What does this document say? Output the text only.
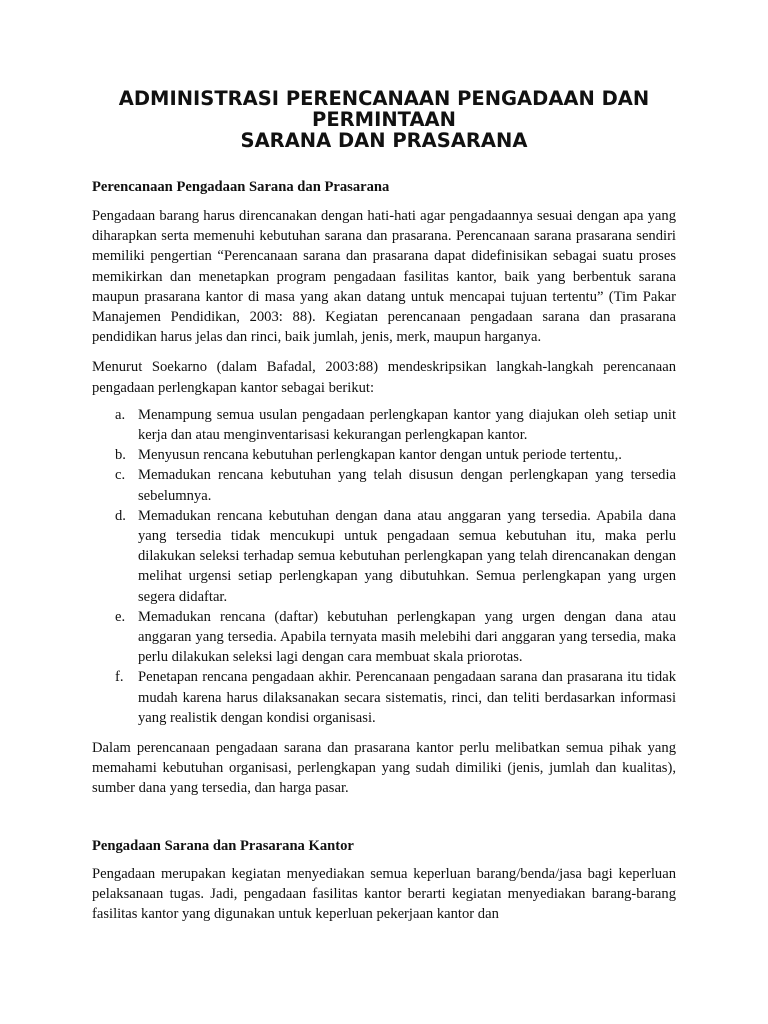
ADMINISTRASI PERENCANAAN PENGADAAN DAN
PERMINTAAN
SARANA DAN PRASARANA
Perencanaan Pengadaan Sarana dan Prasarana

Pengadaan barang harus direncanakan dengan hati-hati agar pengadaannya sesuai dengan apa yang diharapkan serta memenuhi kebutuhan sarana dan prasarana. Perencanaan sarana prasarana sendiri memiliki pengertian “Perencanaan sarana dan prasarana dapat didefinisikan sebagai suatu proses memikirkan dan menetapkan program pengadaan fasilitas kantor, baik yang berbentuk sarana maupun prasarana kantor di masa yang akan datang untuk mencapai tujuan tertentu” (Tim Pakar Manajemen Pendidikan, 2003: 88). Kegiatan perencanaan pengadaan sarana dan prasarana pendidikan harus jelas dan rinci, baik jumlah, jenis, merk, maupun harganya.

Menurut Soekarno (dalam Bafadal, 2003:88) mendeskripsikan langkah-langkah perencanaan pengadaan perlengkapan kantor sebagai berikut:

a. Menampung semua usulan pengadaan perlengkapan kantor yang diajukan oleh setiap unit kerja dan atau menginventarisasi kekurangan perlengkapan kantor.
b. Menyusun rencana kebutuhan perlengkapan kantor dengan untuk periode tertentu,.
c. Memadukan rencana kebutuhan yang telah disusun dengan perlengkapan yang tersedia sebelumnya.
d. Memadukan rencana kebutuhan dengan dana atau anggaran yang tersedia. Apabila dana yang tersedia tidak mencukupi untuk pengadaan semua kebutuhan itu, maka perlu dilakukan seleksi terhadap semua kebutuhan perlengkapan yang telah direncanakan dengan melihat urgensi setiap perlengkapan yang dibutuhkan. Semua perlengkapan yang urgen segera didaftar.
e. Memadukan rencana (daftar) kebutuhan perlengkapan yang urgen dengan dana atau anggaran yang tersedia. Apabila ternyata masih melebihi dari anggaran yang tersedia, maka perlu dilakukan seleksi lagi dengan cara membuat skala priorotas.
f. Penetapan rencana pengadaan akhir. Perencanaan pengadaan sarana dan prasarana itu tidak mudah karena harus dilaksanakan secara sistematis, rinci, dan teliti berdasarkan informasi yang realistik dengan kondisi organisasi.

Dalam perencanaan pengadaan sarana dan prasarana kantor perlu melibatkan semua pihak yang memahami kebutuhan organisasi, perlengkapan yang sudah dimiliki (jenis, jumlah dan kualitas), sumber dana yang tersedia, dan harga pasar.

Pengadaan Sarana dan Prasarana Kantor

Pengadaan merupakan kegiatan menyediakan semua keperluan barang/benda/jasa bagi keperluan pelaksanaan tugas. Jadi, pengadaan fasilitas kantor berarti kegiatan menyediakan barang-barang fasilitas kantor yang digunakan untuk keperluan pekerjaan kantor dan
